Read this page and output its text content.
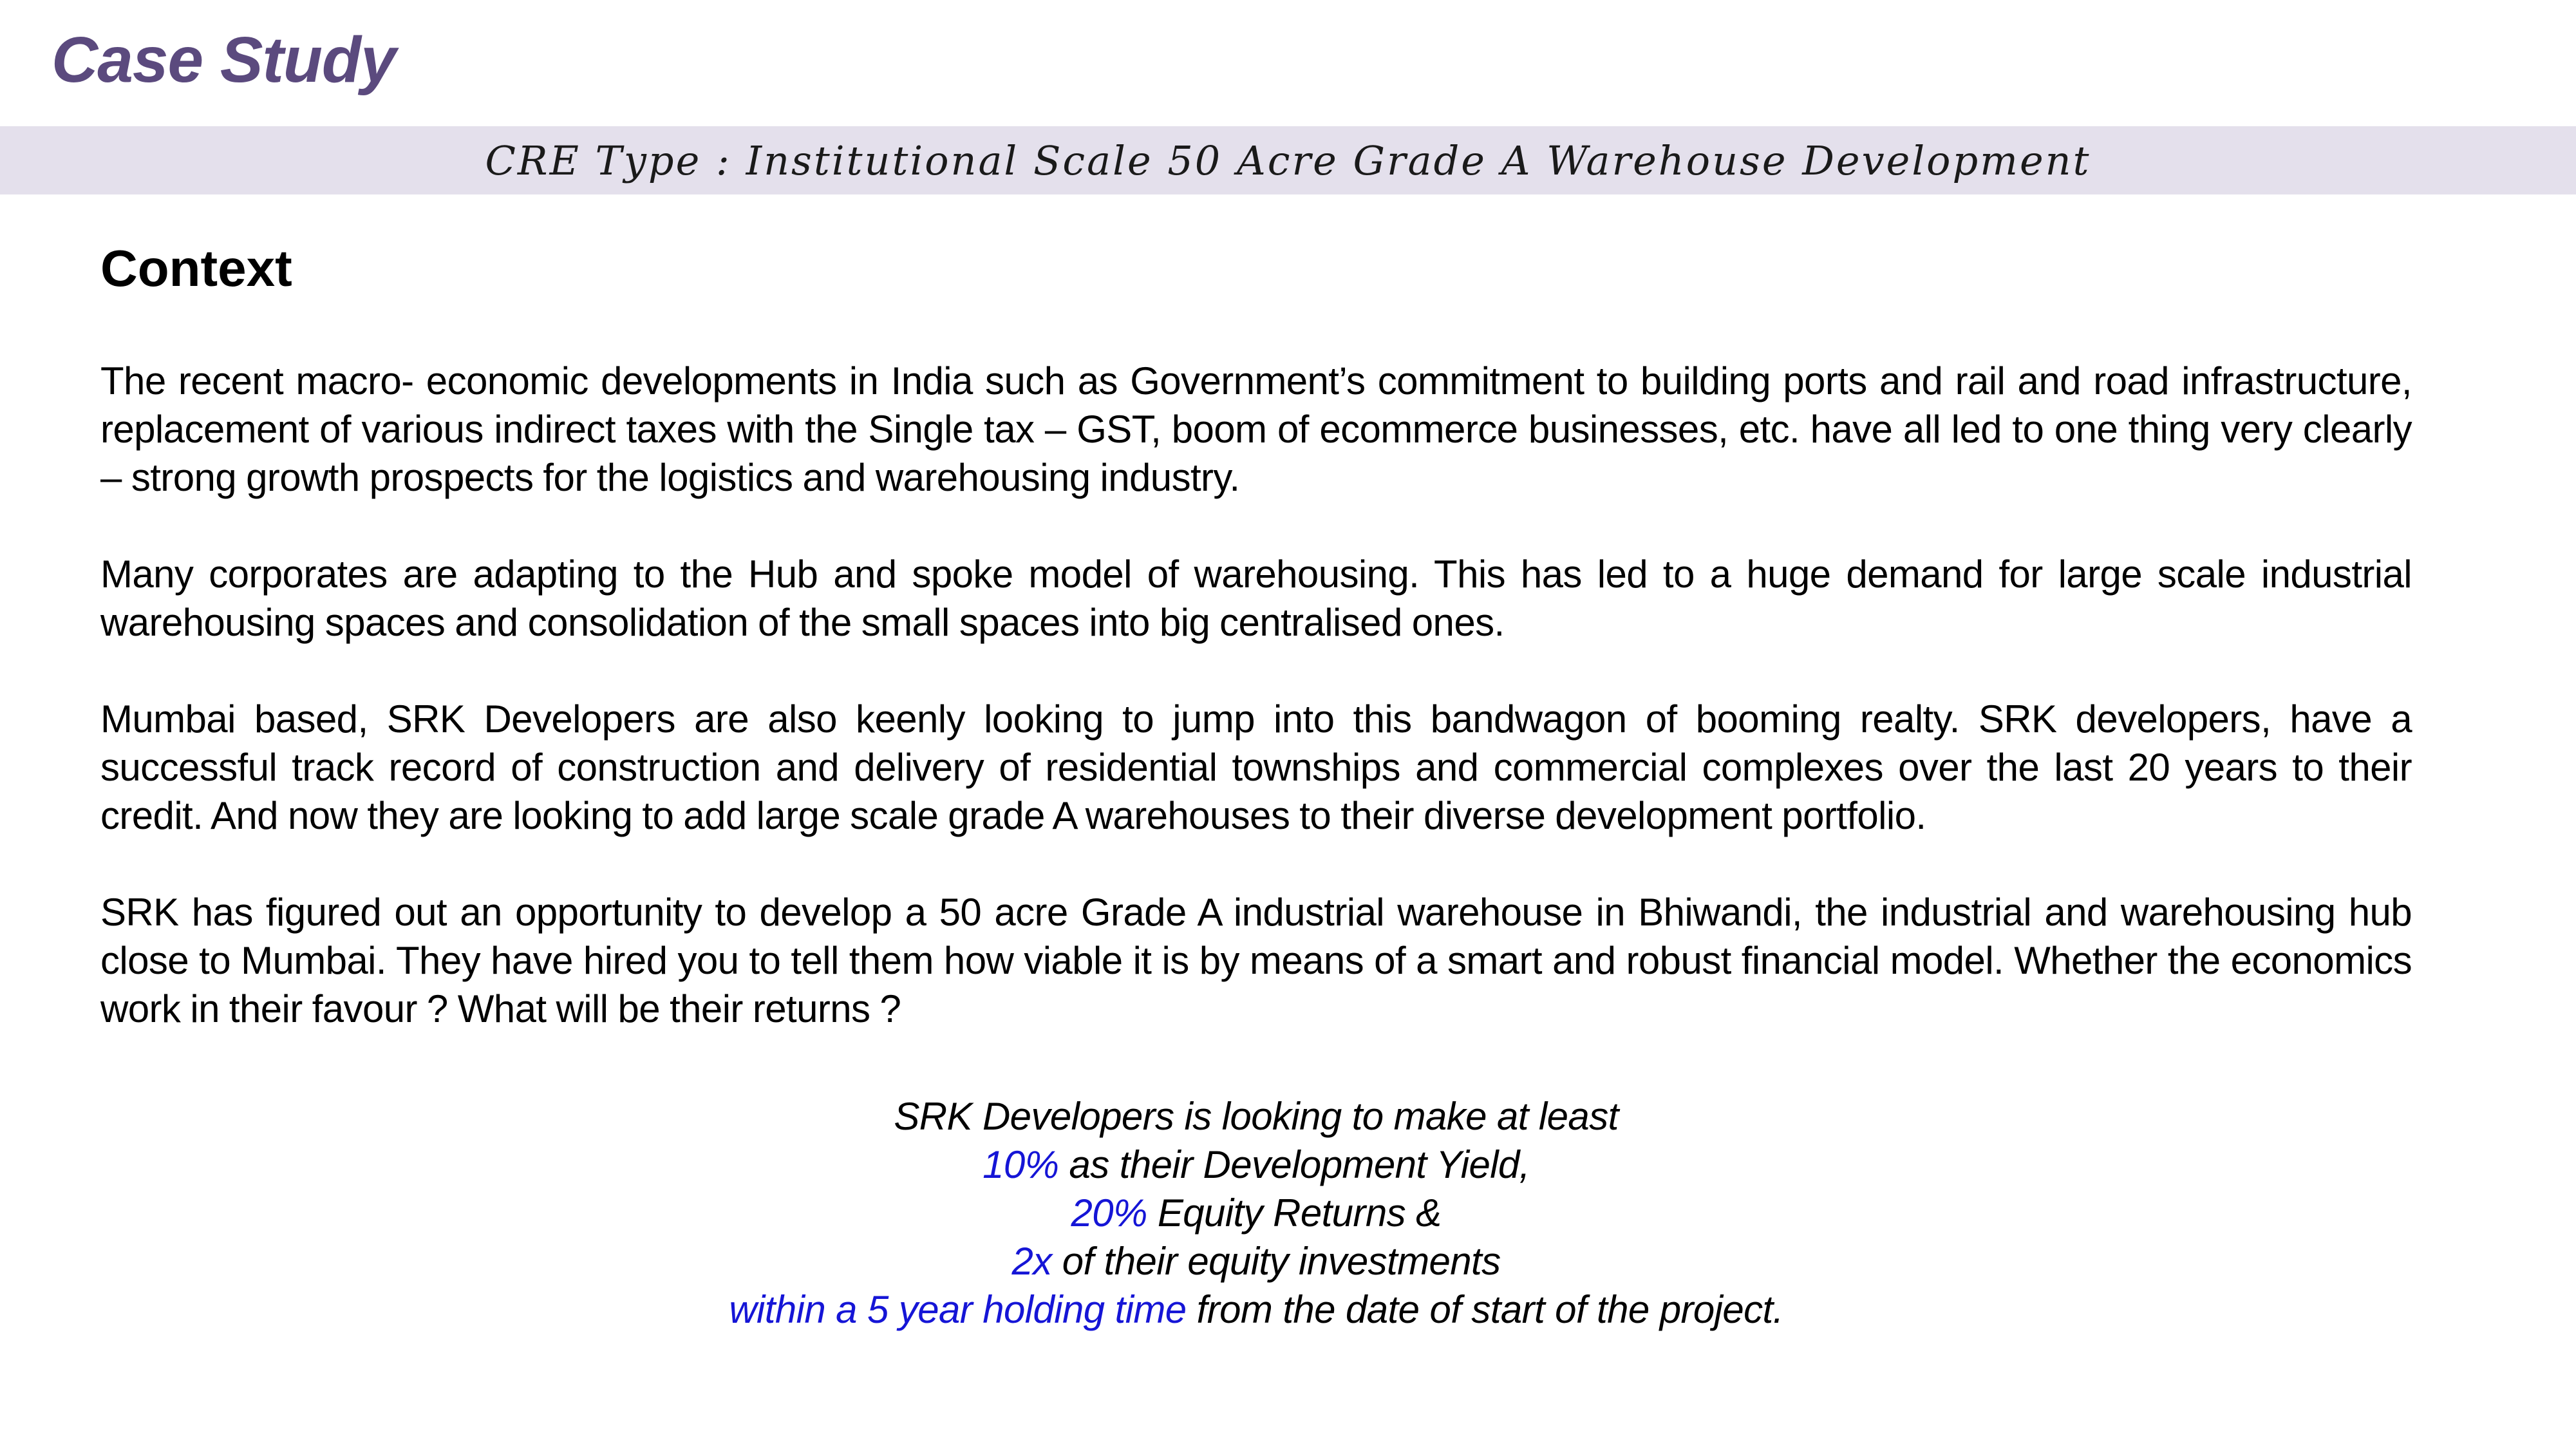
Case Study
CRE Type : Institutional Scale 50 Acre Grade A Warehouse Development
Context

The recent macro- economic developments in India such as Government’s commitment to building ports and rail and road infrastructure, replacement of various indirect taxes with the Single tax – GST, boom of ecommerce businesses, etc. have all led to one thing very clearly – strong growth prospects for the logistics and warehousing industry.

Many corporates are adapting to the Hub and spoke model of warehousing. This has led to a huge demand for large scale industrial warehousing spaces and consolidation of the small spaces into big centralised ones.

Mumbai based, SRK Developers are also keenly looking to jump into this bandwagon of booming realty. SRK developers, have a successful track record of construction and delivery of residential townships and commercial complexes over the last 20 years to their credit. And now they are looking to add large scale grade A warehouses to their diverse development portfolio.

SRK has figured out an opportunity to develop a 50 acre Grade A industrial warehouse in Bhiwandi, the industrial and warehousing hub close to Mumbai. They have hired you to tell them how viable it is by means of a smart and robust financial model. Whether the economics work in their favour ? What will be their returns ?

SRK Developers is looking to make at least
10% as their Development Yield,
20% Equity Returns &
2x of their equity investments
within a 5 year holding time from the date of start of the project.
